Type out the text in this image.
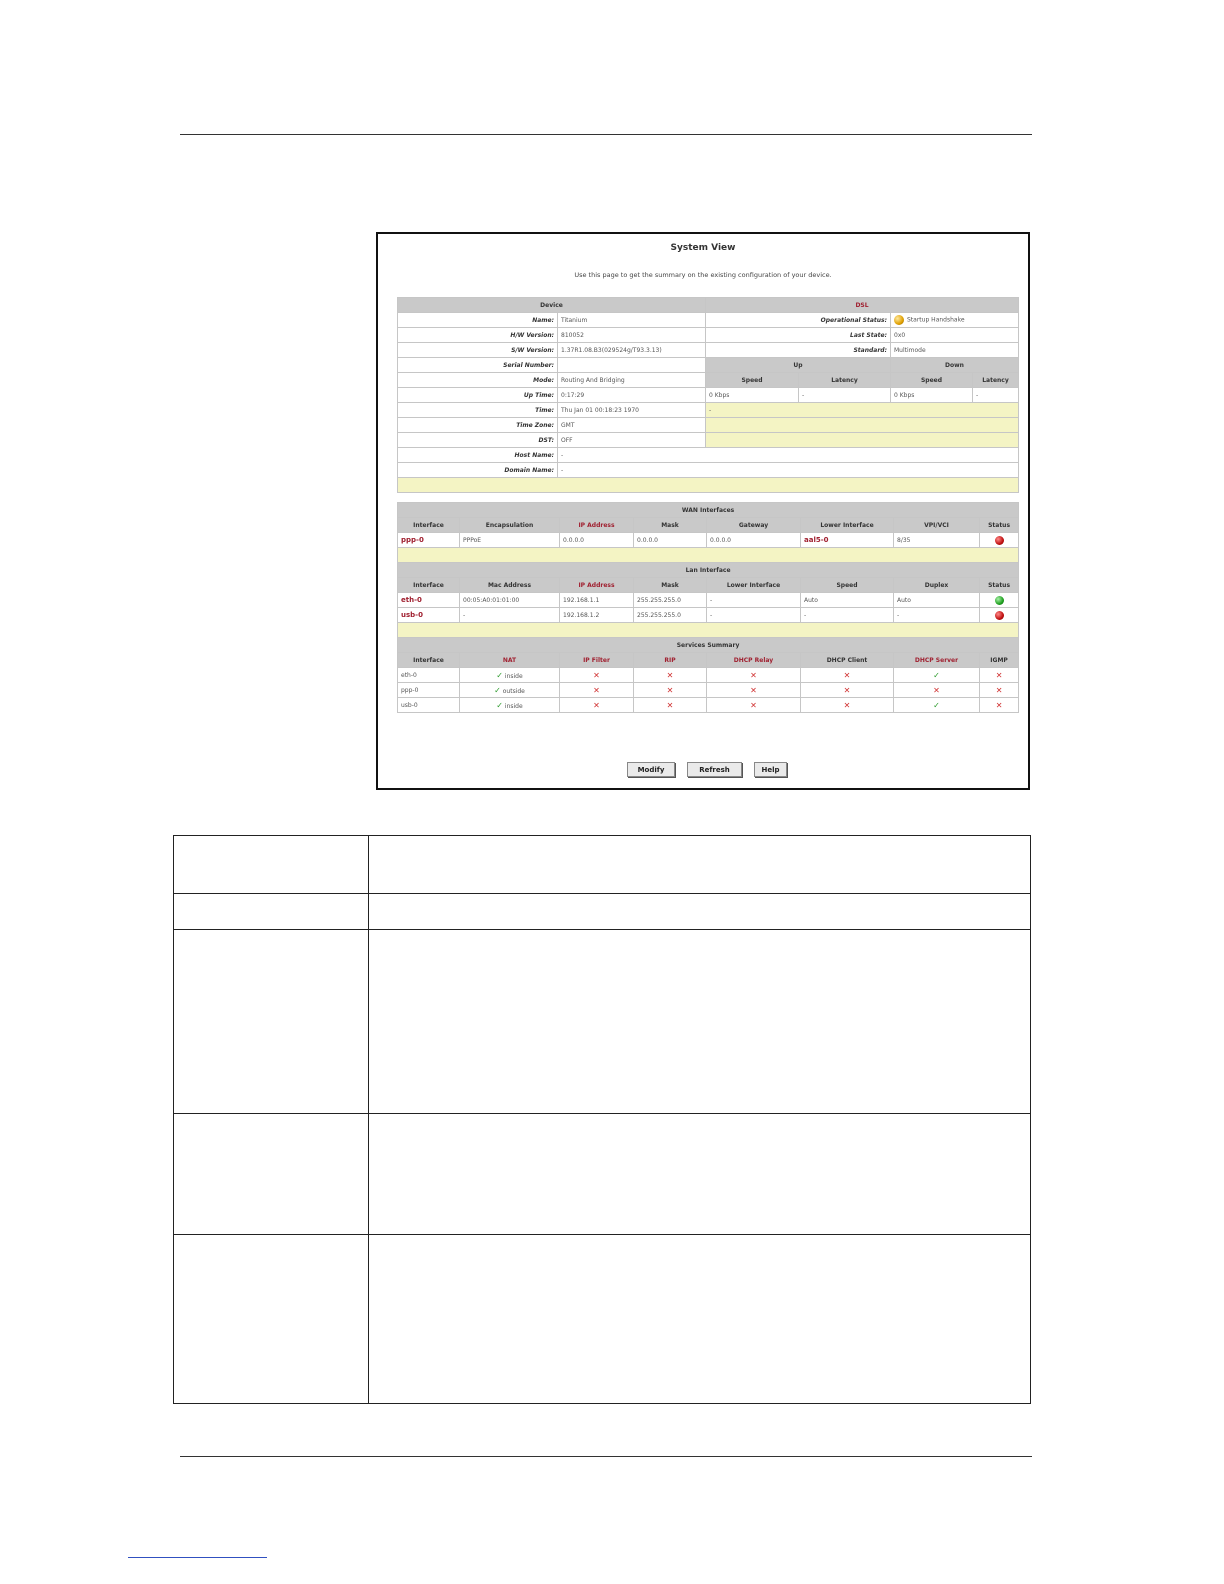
System View
Use this page to get the summary on the existing configuration of your device.
Device		DSL			
Name:	Titanium	Operational Status:		Startup Handshake	
H/W Version:	810052	Last State:		0x0	
S/W Version:	1.37R1.08.B3(029524g/T93.3.13)	Standard:		Multimode	
Serial Number:		Up		Down	
Mode:	Routing And Bridging	Speed	Latency	Speed	Latency
Up Time:	0:17:29	0 Kbps	-	0 Kbps	-
Time:	Thu Jan 01 00:18:23 1970	-			
Time Zone:	GMT				
DST:	OFF				
Host Name:	-				
Domain Name:	-				

WAN Interfaces							
Interface	Encapsulation	IP Address	Mask	Gateway	Lower Interface	VPI/VCI	Status
ppp-0	PPPoE	0.0.0.0	0.0.0.0	0.0.0.0	aal5-0	8/35	

Lan Interface							
Interface	Mac Address	IP Address	Mask	Lower Interface	Speed	Duplex	Status
eth-0	00:05:A0:01:01:00	192.168.1.1	255.255.255.0	-	Auto	Auto	
usb-0	-	192.168.1.2	255.255.255.0	-	-	-	

Services Summary							
Interface	NAT	IP Filter	RIP	DHCP Relay	DHCP Client	DHCP Server	IGMP
eth-0	✓ inside	✕	✕	✕	✕	✓	✕
ppp-0	✓ outside	✕	✕	✕	✕	✕	✕
usb-0	✓ inside	✕	✕	✕	✕	✓	✕
Modify	Refresh	Help
